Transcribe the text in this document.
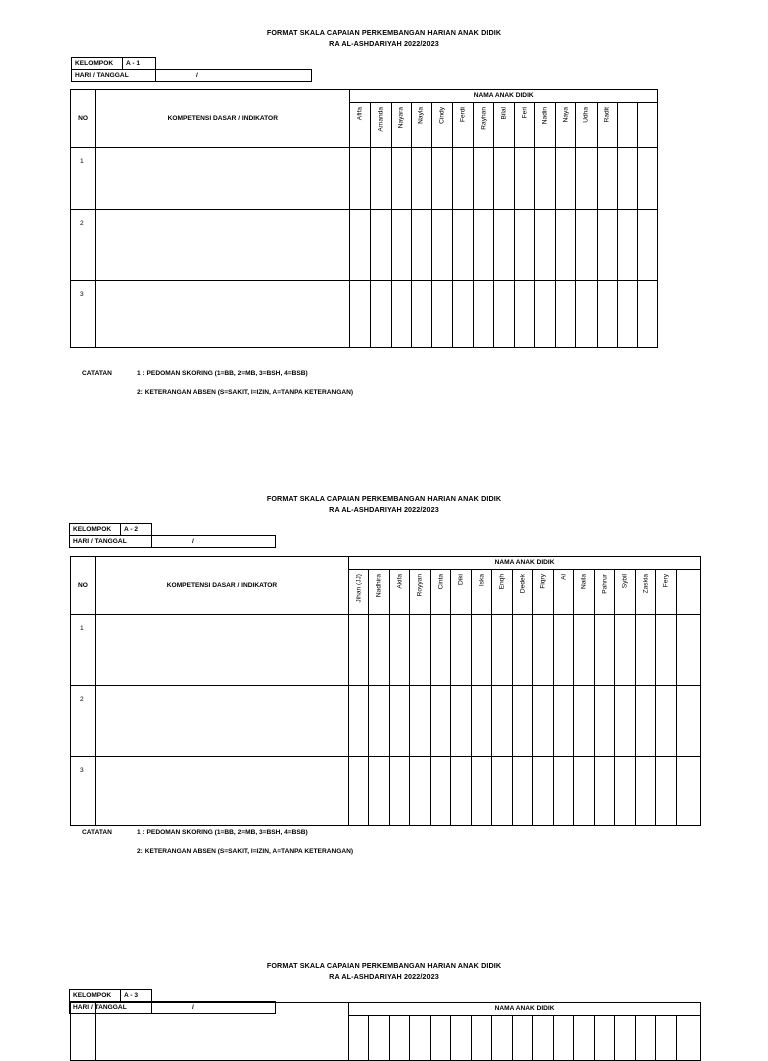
FORMAT SKALA CAPAIAN PERKEMBANGAN HARIAN ANAK DIDIK
RA AL-ASHDARIYAH 2022/2023
KELOMPOK	A - 1	
HARI / TANGGAL		/
NO	KOMPETENSI DASAR / INDIKATOR	NAMA ANAK DIDIK														

		Afifa	Amanda	Nayara	Nayla	Cindy	Ferdi	Rayhan	Bilal	Feri	Nadin	Naya	Udha	Radit		

1																
2																
3																
CATATAN	1 : PEDOMAN SKORING (1=BB, 2=MB, 3=BSH, 4=BSB)
2: KETERANGAN ABSEN (S=SAKIT, I=IZIN, A=TANPA KETERANGAN)
FORMAT SKALA CAPAIAN PERKEMBANGAN HARIAN ANAK DIDIK
RA AL-ASHDARIYAH 2022/2023
KELOMPOK	A - 2	
HARI / TANGGAL		/
NO	KOMPETENSI DASAR / INDIKATOR	NAMA ANAK DIDIK																

		Jihan (JJ)	Nadhira	Akifa	Royyan	Cinta	Diki	Iska	Enqh	Dedek	Fiqry	Al	Naila	Pahrur	Sybil	Zaskia	Fery	

1																		
2																		
3																		
CATATAN	1 : PEDOMAN SKORING (1=BB, 2=MB, 3=BSH, 4=BSB)
2: KETERANGAN ABSEN (S=SAKIT, I=IZIN, A=TANPA KETERANGAN)
FORMAT SKALA CAPAIAN PERKEMBANGAN HARIAN ANAK DIDIK
RA AL-ASHDARIYAH 2022/2023
KELOMPOK	A - 3	
HARI / TANGGAL		/
			NAMA ANAK DIDIK																
